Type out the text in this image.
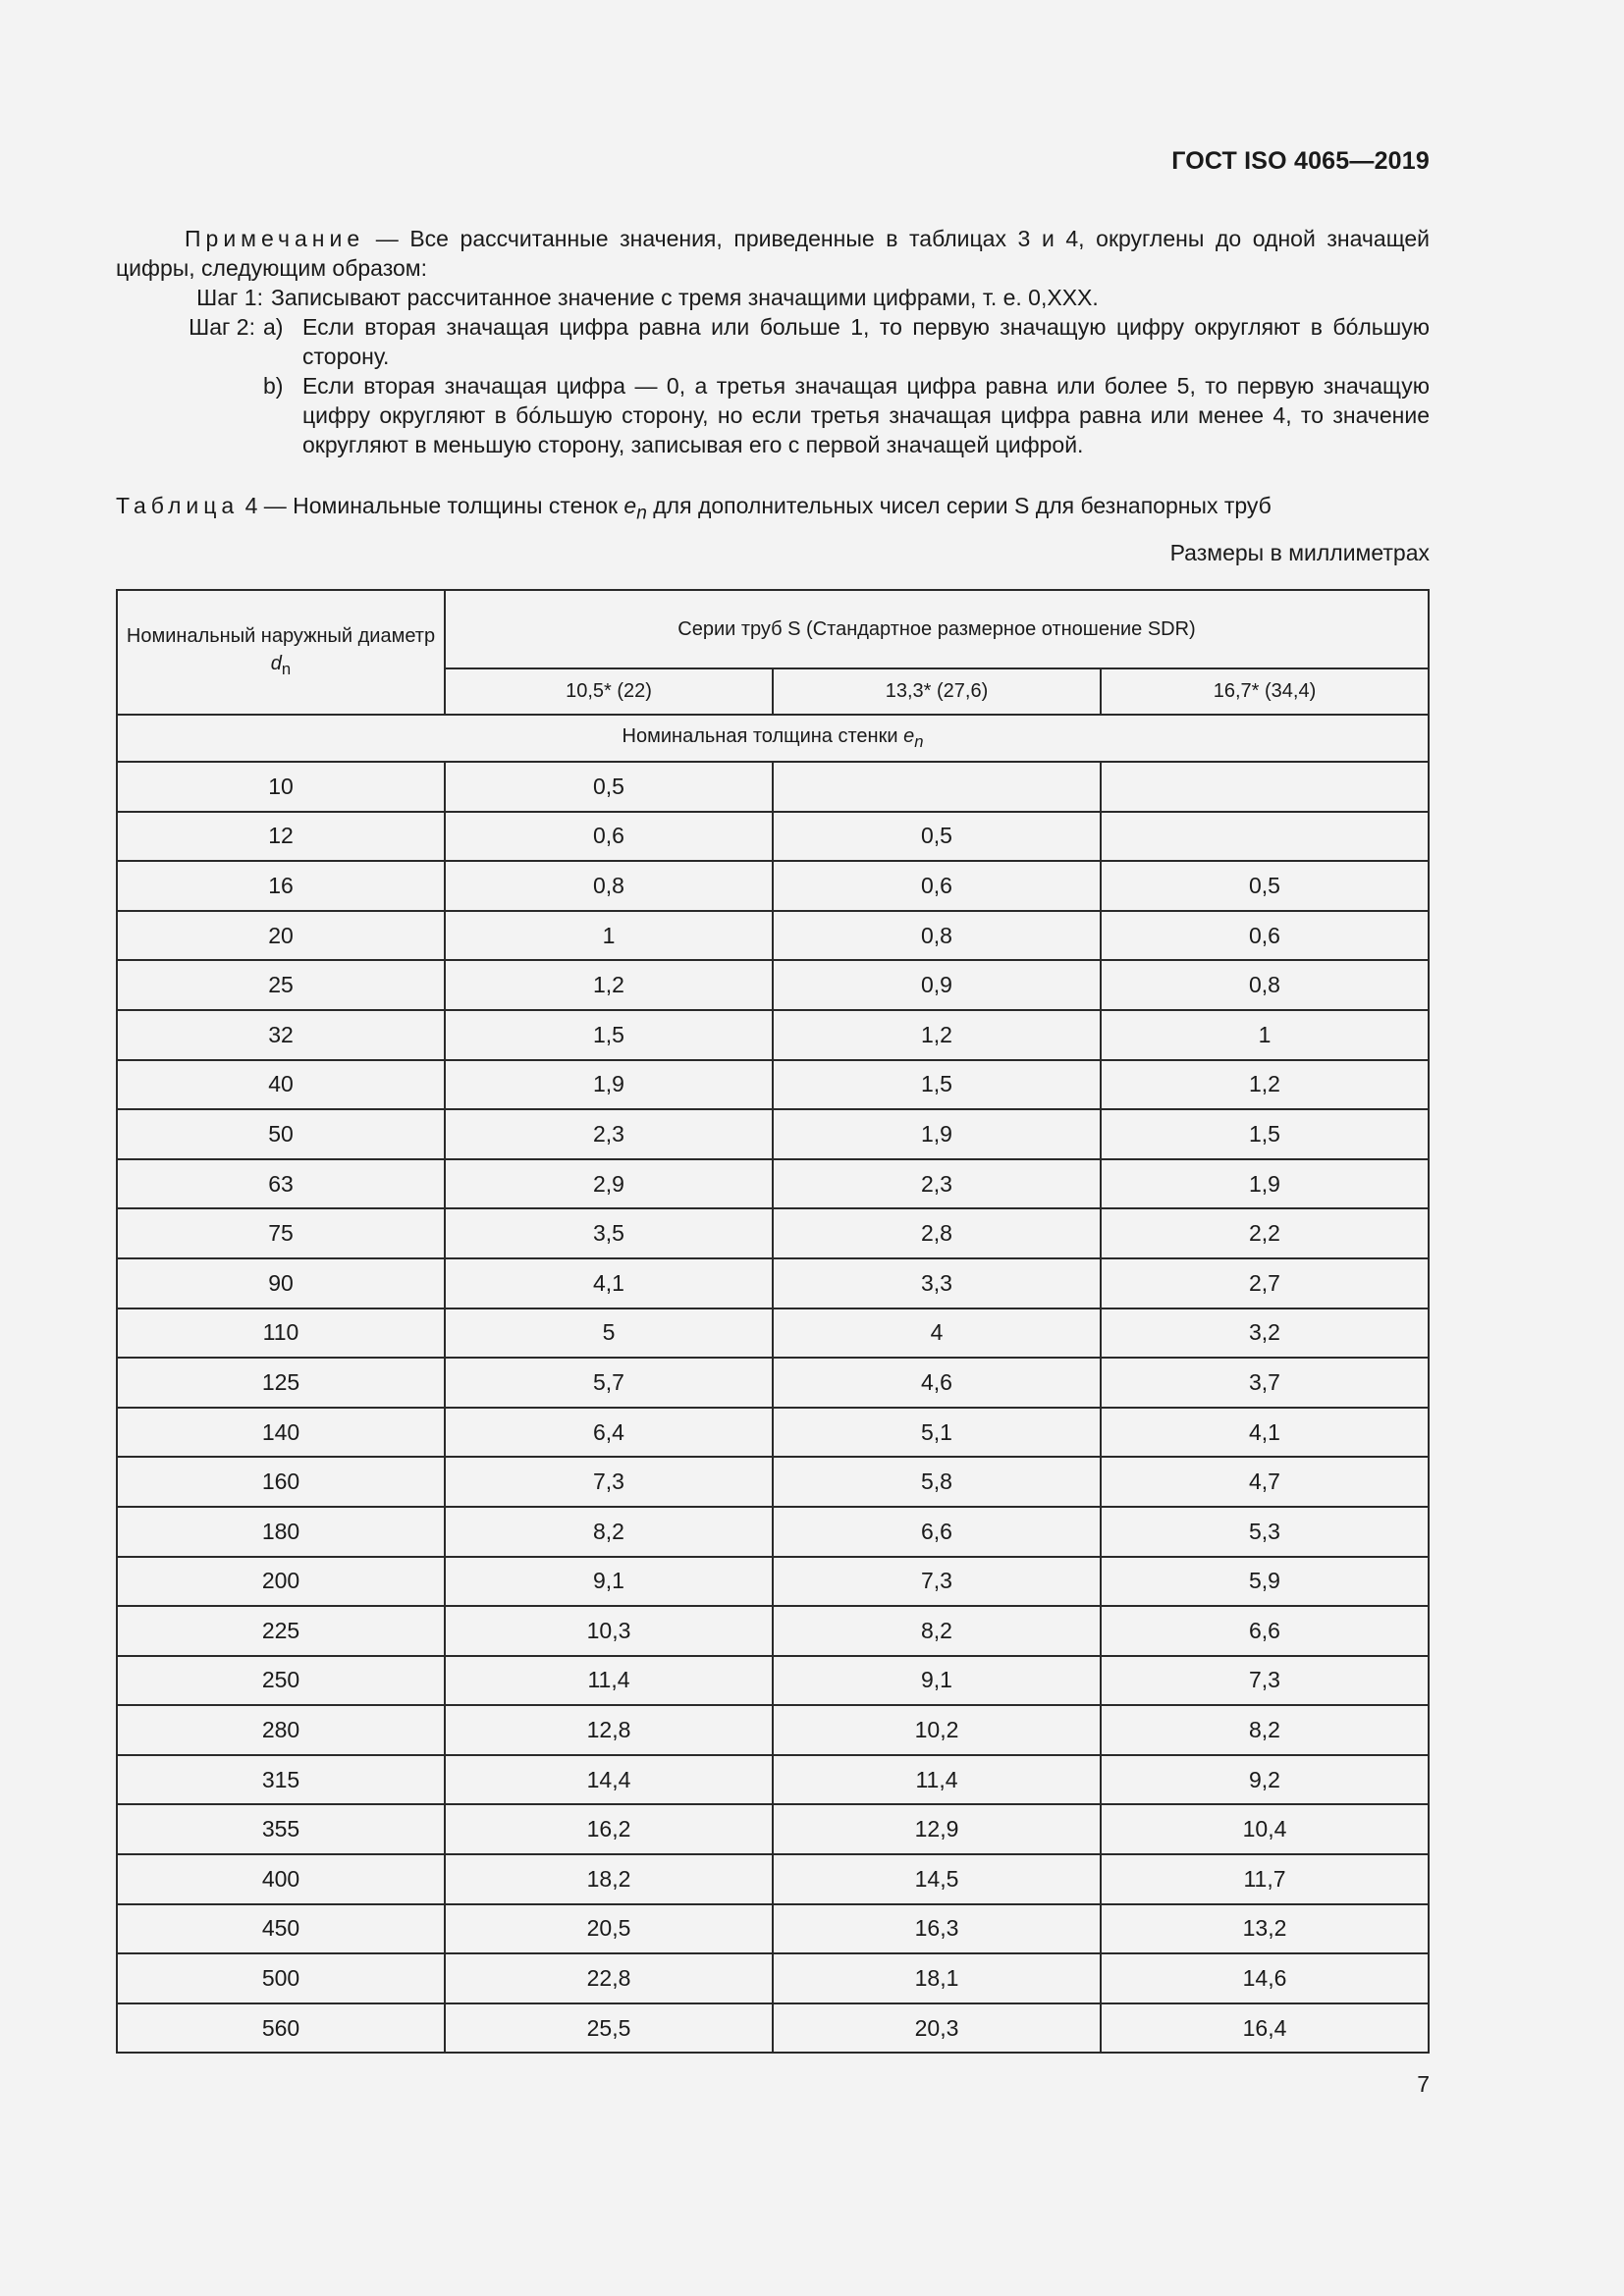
ГОСТ ISO 4065—2019
Примечание — Все рассчитанные значения, приведенные в таблицах 3 и 4, округлены до одной значащей цифры, следующим образом:
Шаг 1: Записывают рассчитанное значение с тремя значащими цифрами, т. е. 0,XXX.
Шаг 2: a) Если вторая значащая цифра равна или больше 1, то первую значащую цифру округляют в бóльшую сторону.
b) Если вторая значащая цифра — 0, а третья значащая цифра равна или более 5, то первую значащую цифру округляют в бóльшую сторону, но если третья значащая цифра равна или менее 4, то значение округляют в меньшую сторону, записывая его с первой значащей цифрой.
Таблица 4 — Номинальные толщины стенок $e_n$ для дополнительных чисел серии S для безнапорных труб
Размеры в миллиметрах
Номинальный наружный диаметр $d_n$	Серии труб S (Стандартное размерное отношение SDR)		
	10,5* (22)	13,3* (27,6)	16,7* (34,4)
Номинальная толщина стенки $e_n$
10	0,5		
12	0,6	0,5	
16	0,8	0,6	0,5
20	1	0,8	0,6
25	1,2	0,9	0,8
32	1,5	1,2	1
40	1,9	1,5	1,2
50	2,3	1,9	1,5
63	2,9	2,3	1,9
75	3,5	2,8	2,2
90	4,1	3,3	2,7
110	5	4	3,2
125	5,7	4,6	3,7
140	6,4	5,1	4,1
160	7,3	5,8	4,7
180	8,2	6,6	5,3
200	9,1	7,3	5,9
225	10,3	8,2	6,6
250	11,4	9,1	7,3
280	12,8	10,2	8,2
315	14,4	11,4	9,2
355	16,2	12,9	10,4
400	18,2	14,5	11,7
450	20,5	16,3	13,2
500	22,8	18,1	14,6
560	25,5	20,3	16,4
7
